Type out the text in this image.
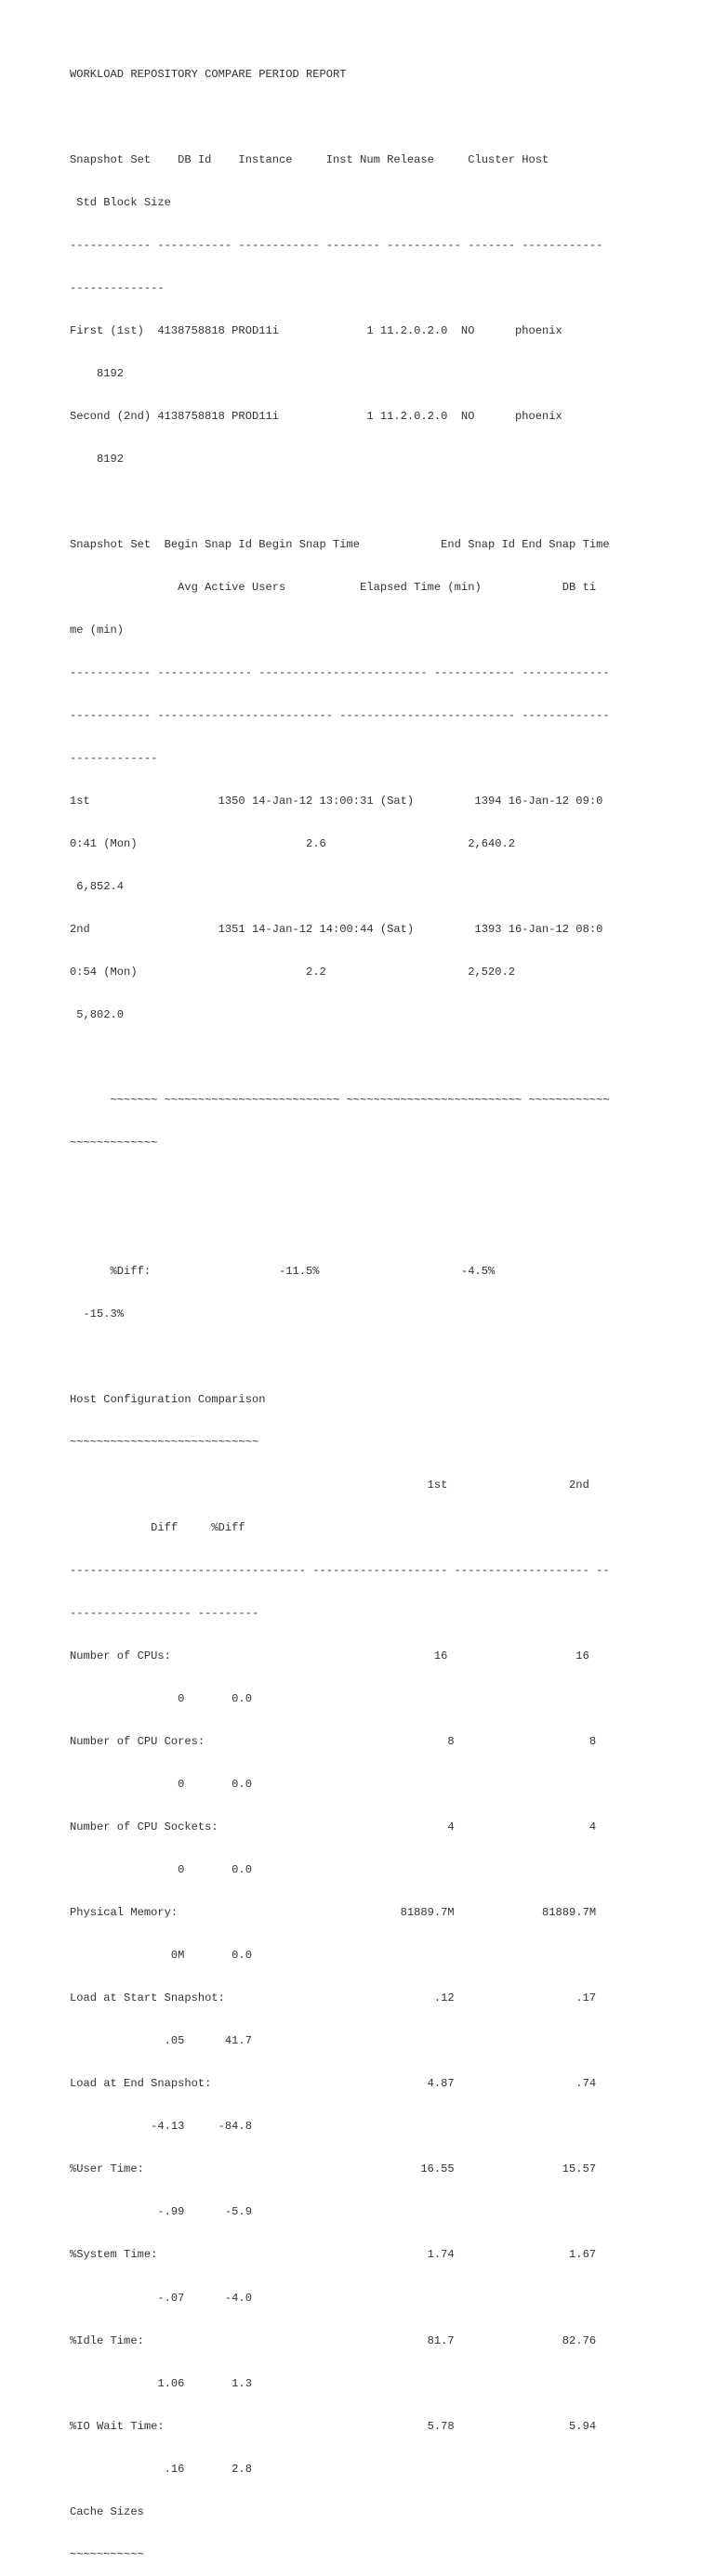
WORKLOAD REPOSITORY COMPARE PERIOD REPORT

Snapshot Set    DB Id    Instance     Inst Num Release     Cluster Host

Std Block Size

------------ ----------- ------------ -------- ----------- ------- ------------

--------------

First (1st)  4138758818 PROD11i             1 11.2.0.2.0  NO      phoenix

8192

Second (2nd) 4138758818 PROD11i             1 11.2.0.2.0  NO      phoenix

8192

Snapshot Set  Begin Snap Id Begin Snap Time            End Snap Id End Snap Time

Avg Active Users           Elapsed Time (min)            DB ti

me (min)

------------ -------------- ------------------------- ------------ -------------

------------ -------------------------- -------------------------- -------------

-------------

1st                   1350 14-Jan-12 13:00:31 (Sat)         1394 16-Jan-12 09:0

0:41 (Mon)                         2.6                     2,640.2

6,852.4

2nd                   1351 14-Jan-12 14:00:44 (Sat)         1393 16-Jan-12 08:0

0:54 (Mon)                         2.2                     2,520.2

5,802.0

~~~~~~~ ~~~~~~~~~~~~~~~~~~~~~~~~~~ ~~~~~~~~~~~~~~~~~~~~~~~~~~ ~~~~~~~~~~~~

~~~~~~~~~~~~~

%Diff:                   -11.5%                     -4.5%

-15.3%

Host Configuration Comparison

~~~~~~~~~~~~~~~~~~~~~~~~~~~~

1st                  2nd

Diff     %Diff

----------------------------------- -------------------- -------------------- --

------------------ ---------

Number of CPUs:                                       16                   16

0       0.0

Number of CPU Cores:                                    8                    8

0       0.0

Number of CPU Sockets:                                  4                    4

0       0.0

Physical Memory:                                 81889.7M             81889.7M

0M       0.0

Load at Start Snapshot:                               .12                  .17

.05      41.7

Load at End Snapshot:                                4.87                  .74

-4.13     -84.8

%User Time:                                         16.55                15.57

-.99      -5.9

%System Time:                                        1.74                 1.67

-.07      -4.0

%Idle Time:                                          81.7                82.76

1.06       1.3

%IO Wait Time:                                       5.78                 5.94

.16       2.8

Cache Sizes

~~~~~~~~~~~
